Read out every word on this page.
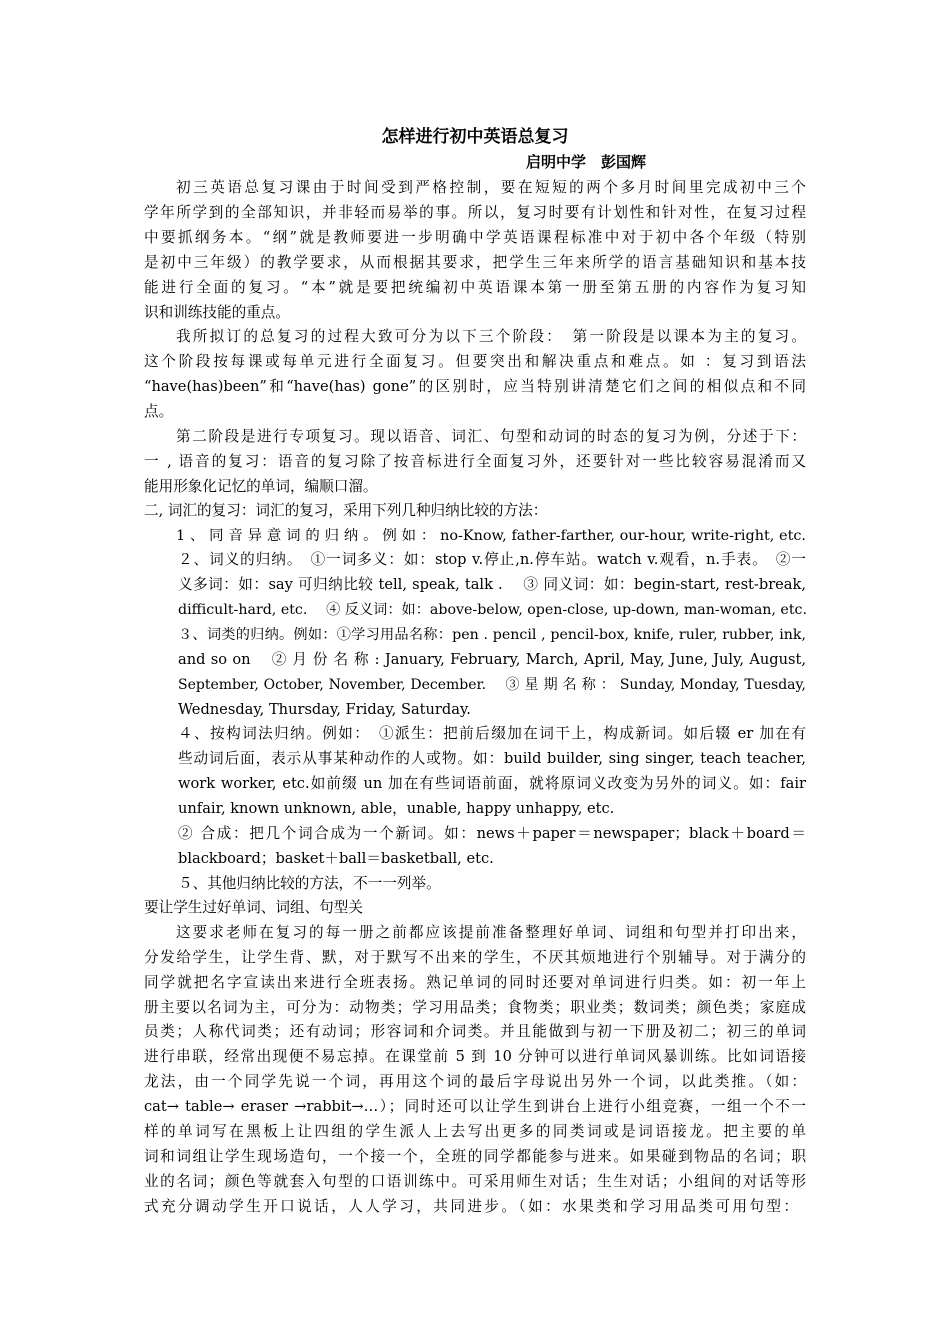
怎样进行初中英语总复习
启明中学　彭国辉
初三英语总复习课由于时间受到严格控制，要在短短的两个多月时间里完成初中三个
学年所学到的全部知识，并非轻而易举的事。所以，复习时要有计划性和针对性，在复习过程
中要抓纲务本。“纲”就是教师要进一步明确中学英语课程标准中对于初中各个年级（特别
是初中三年级）的教学要求，从而根据其要求，把学生三年来所学的语言基础知识和基本技
能进行全面的复习。“本”就是要把统编初中英语课本第一册至第五册的内容作为复习知
识和训练技能的重点。
我所拟订的总复习的过程大致可分为以下三个阶段：　第一阶段是以课本为主的复习。
这个阶段按每课或每单元进行全面复习。但要突出和解决重点和难点。如 ：复习到语法
“have(has)been”和“have(has) gone”的区别时，应当特别讲清楚它们之间的相似点和不同
点。
第二阶段是进行专项复习。现以语音、词汇、句型和动词的时态的复习为例，分述于下：
一 , 语音的复习：语音的复习除了按音标进行全面复习外，还要针对一些比较容易混淆而又
能用形象化记忆的单词，编顺口溜。
二, 词汇的复习：词汇的复习，采用下列几种归纳比较的方法：
1 、 同 音 异 意 词 的 归 纳 。 例 如 ： no-Know, father-farther, our-hour, write-right, etc.
２、词义的归纳。　①一词多义：如：stop v.停止,n.停车站。watch v.观看，n.手表。　②一
义多词：如：say 可归纳比较 tell, speak, talk .　 ③ 同义词：如：begin-start, rest-break,
difficult-hard, etc.　 ④ 反义词：如：above-below, open-close, up-down, man-woman, etc.
３、词类的归纳。例如：①学习用品名称：pen . pencil , pencil-box, knife, ruler, rubber, ink,
and so on　 ② 月 份 名 称 : January, February, March, April, May, June, July, August,
September, October, November, December.　 ③ 星 期 名 称 ： Sunday, Monday, Tuesday,
Wednesday, Thursday, Friday, Saturday.
４、按构词法归纳。例如：　①派生：把前后缀加在词干上，构成新词。如后辍 er 加在有
些动词后面，表示从事某种动作的人或物。如：build builder, sing singer, teach teacher,
work worker, etc.如前缀 un 加在有些词语前面，就将原词义改变为另外的词义。如：fair
unfair, known unknown, able，unable, happy unhappy, etc.
② 合成：把几个词合成为一个新词。如：news＋paper＝newspaper；black＋board＝
blackboard；basket＋ball＝basketball, etc.
５、其他归纳比较的方法，不一一列举。
要让学生过好单词、词组、句型关
这要求老师在复习的每一册之前都应该提前准备整理好单词、词组和句型并打印出来，
分发给学生，让学生背、默，对于默写不出来的学生，不厌其烦地进行个别辅导。对于满分的
同学就把名字宣读出来进行全班表扬。熟记单词的同时还要对单词进行归类。如：初一年上
册主要以名词为主，可分为：动物类；学习用品类；食物类；职业类；数词类；颜色类；家庭成
员类；人称代词类；还有动词；形容词和介词类。并且能做到与初一下册及初二；初三的单词
进行串联，经常出现便不易忘掉。在课堂前 5 到 10 分钟可以进行单词风暴训练。比如词语接
龙法，由一个同学先说一个词，再用这个词的最后字母说出另外一个词，以此类推。（如：
cat→ table→ eraser →rabbit→…）；同时还可以让学生到讲台上进行小组竞赛，一组一个不一
样的单词写在黑板上让四组的学生派人上去写出更多的同类词或是词语接龙。把主要的单
词和词组让学生现场造句，一个接一个，全班的同学都能参与进来。如果碰到物品的名词；职
业的名词；颜色等就套入句型的口语训练中。可采用师生对话；生生对话；小组间的对话等形
式充分调动学生开口说话，人人学习，共同进步。（如：水果类和学习用品类可用句型：
